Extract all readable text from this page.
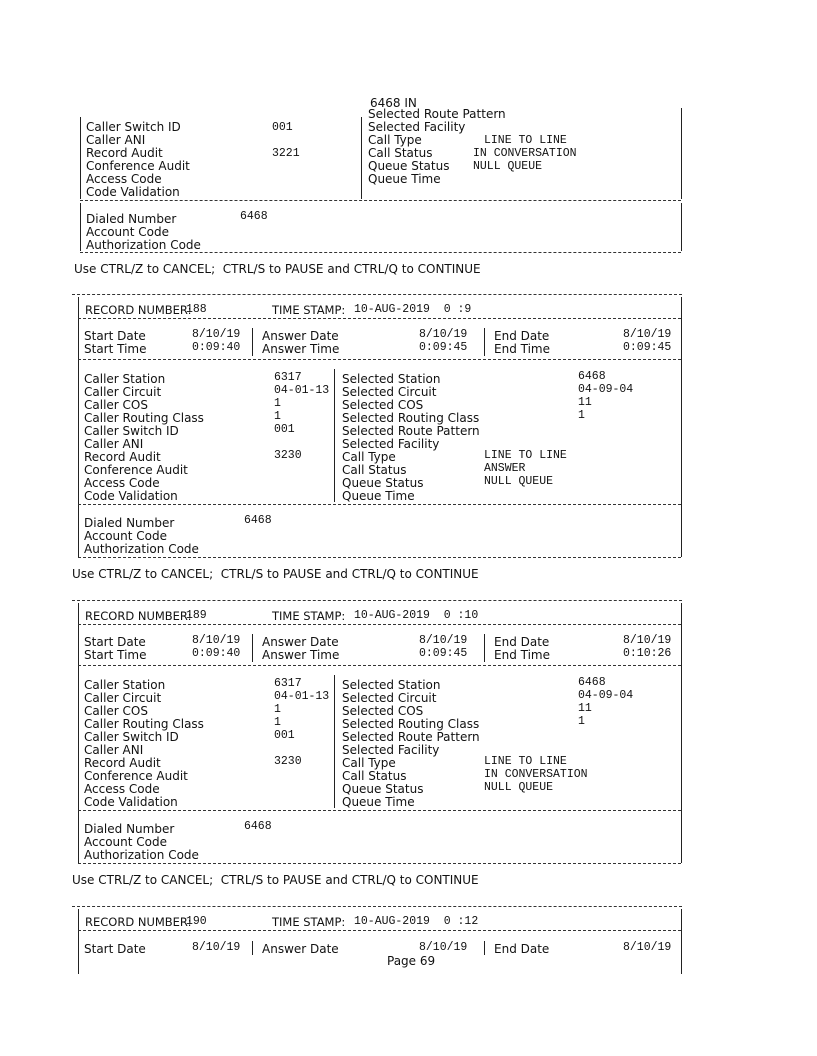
6468 IN
Caller Switch ID	001
Caller ANI
Record Audit	3221
Conference Audit
Access Code
Code Validation
Selected Route Pattern
Selected Facility
Call Type	LINE TO LINE
Call Status	IN CONVERSATION
Queue Status NULL QUEUE
Queue Time
Dialed Number	6468
Account Code
Authorization Code
Use CTRL/Z to CANCEL;  CTRL/S to PAUSE and CTRL/Q to CONTINUE
RECORD NUMBER:
188	TIME STAMP: 10-AUG-2019  0 :9
Start Date	8/10/19
Start Time	0:09:40
Answer Date	8/10/19
Answer Time	0:09:45
End Date	8/10/19
End Time	0:09:45
Caller Station	6317
Caller Circuit	04-01-13
Caller COS	1
Caller Routing Class	1
Caller Switch ID	001
Caller ANI
Record Audit	3230
Conference Audit
Access Code
Code Validation
Selected Station	6468
Selected Circuit	04-09-04
Selected COS	11
Selected Routing Class	1
Selected Route Pattern
Selected Facility
Call Type	LINE TO LINE
Call Status	ANSWER
Queue Status	NULL QUEUE
Queue Time
Dialed Number	6468
Account Code
Authorization Code
Use CTRL/Z to CANCEL;  CTRL/S to PAUSE and CTRL/Q to CONTINUE
RECORD NUMBER:
189	TIME STAMP: 10-AUG-2019  0 :10
Start Date	8/10/19
Start Time	0:09:40
Answer Date	8/10/19
Answer Time	0:09:45
End Date	8/10/19
End Time	0:10:26
Caller Station	6317
Caller Circuit	04-01-13
Caller COS	1
Caller Routing Class	1
Caller Switch ID	001
Caller ANI
Record Audit	3230
Conference Audit
Access Code
Code Validation
Selected Station	6468
Selected Circuit	04-09-04
Selected COS	11
Selected Routing Class	1
Selected Route Pattern
Selected Facility
Call Type	LINE TO LINE
Call Status	IN CONVERSATION
Queue Status	NULL QUEUE
Queue Time
Dialed Number	6468
Account Code
Authorization Code
Use CTRL/Z to CANCEL;  CTRL/S to PAUSE and CTRL/Q to CONTINUE
RECORD NUMBER:
190	TIME STAMP: 10-AUG-2019  0 :12
Start Date	8/10/19 Answer Date	8/10/19 End Date	8/10/19
Page 69
